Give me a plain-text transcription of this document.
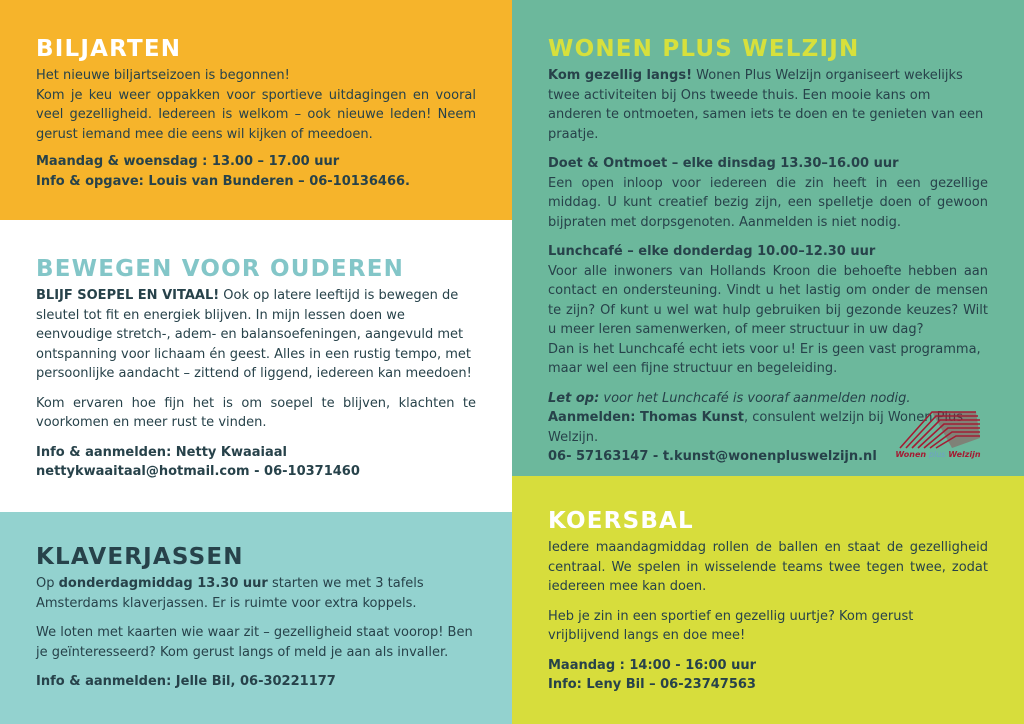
BILJARTEN

Het nieuwe biljartseizoen is begonnen!

Kom je keu weer oppakken voor sportieve uitdagingen en vooral veel gezelligheid. Iedereen is welkom – ook nieuwe leden! Neem gerust iemand mee die eens wil kijken of meedoen.

Maandag & woensdag : 13.00 – 17.00 uur

Info & opgave: Louis van Bunderen – 06-10136466.

BEWEGEN VOOR OUDEREN

BLIJF SOEPEL EN VITAAL! Ook op latere leeftijd is bewegen de sleutel tot fit en energiek blijven. In mijn lessen doen we eenvoudige stretch-, adem- en balansoefeningen, aangevuld met ontspanning voor lichaam én geest. Alles in een rustig tempo, met persoonlijke aandacht – zittend of liggend, iedereen kan meedoen!

Kom ervaren hoe fijn het is om soepel te blijven, klachten te voorkomen en meer rust te vinden.

Info & aanmelden: Netty Kwaaiaal

nettykwaaitaal@hotmail.com - 06-10371460

KLAVERJASSEN

Op donderdagmiddag 13.30 uur starten we met 3 tafels Amsterdams klaverjassen. Er is ruimte voor extra koppels.

We loten met kaarten wie waar zit – gezelligheid staat voorop! Ben je geïnteresseerd? Kom gerust langs of meld je aan als invaller.

Info & aanmelden: Jelle Bil, 06-30221177

WONEN PLUS WELZIJN

Kom gezellig langs! Wonen Plus Welzijn organiseert wekelijks twee activiteiten bij Ons tweede thuis. Een mooie kans om anderen te ontmoeten, samen iets te doen en te genieten van een praatje.

Doet & Ontmoet – elke dinsdag 13.30–16.00 uur

Een open inloop voor iedereen die zin heeft in een gezellige middag. U kunt creatief bezig zijn, een spelletje doen of gewoon bijpraten met dorpsgenoten. Aanmelden is niet nodig.

Lunchcafé – elke donderdag 10.00–12.30 uur

Voor alle inwoners van Hollands Kroon die behoefte hebben aan contact en ondersteuning. Vindt u het lastig om onder de mensen te zijn? Of kunt u wel wat hulp gebruiken bij gezonde keuzes? Wilt u meer leren samenwerken, of meer structuur in uw dag?

Dan is het Lunchcafé echt iets voor u! Er is geen vast programma, maar wel een fijne structuur en begeleiding.

Let op: voor het Lunchcafé is vooraf aanmelden nodig.

Aanmelden: Thomas Kunst, consulent welzijn bij Wonen Plus Welzijn.

06- 57163147 - t.kunst@wonenpluswelzijn.nl	Wonen plus Welzijn
KOERSBAL

Iedere maandagmiddag rollen de ballen en staat de gezelligheid centraal. We spelen in wisselende teams twee tegen twee, zodat iedereen mee kan doen.

Heb je zin in een sportief en gezellig uurtje? Kom gerust vrijblijvend langs en doe mee!

Maandag : 14:00 - 16:00 uur

Info: Leny Bil – 06-23747563
